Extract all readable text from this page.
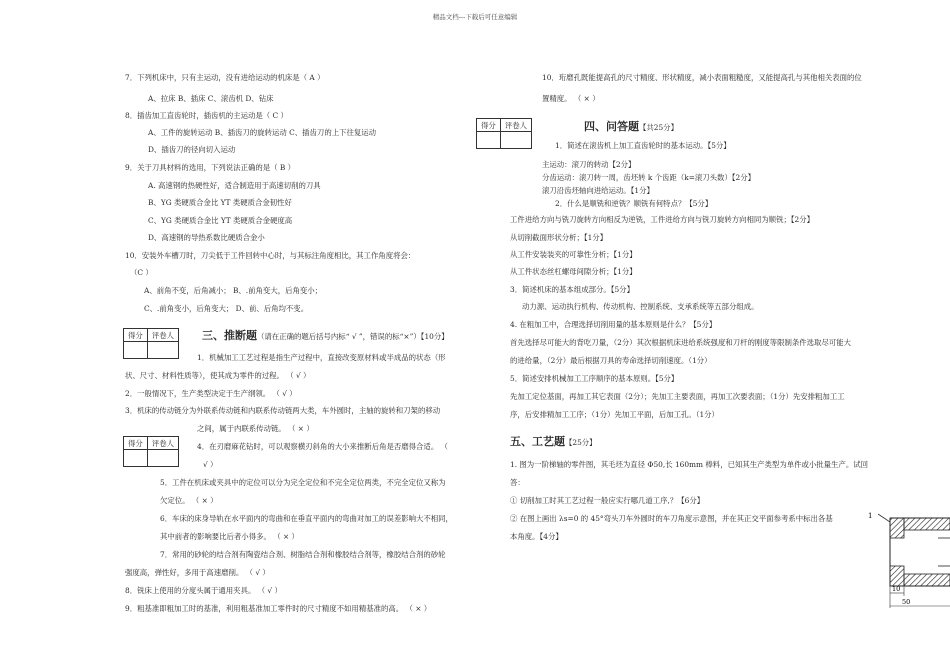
精品文档---下载后可任意编辑
7．下列机床中，只有主运动，没有进给运动的机床是（ A ）
A、拉床 B、插床 C、滚齿机 D、钻床
8．插齿加工直齿轮时，插齿机的主运动是（ C ）
A、工件的旋转运动 B、插齿刀的旋转运动 C、插齿刀的上下往复运动
D、插齿刀的径向切入运动
9．关于刀具材料的选用，下列说法正确的是（ B ）
A. 高速钢的热硬性好，适合制造用于高速切削的刀具
B、YG 类硬质合金比 YT 类硬质合金韧性好
C、YG 类硬质合金比 YT 类硬质合金硬度高
D、高速钢的导热系数比硬质合金小
10．安装外车槽刀时，刀尖低于工件回转中心时，与其标注角度相比，其工作角度将会：
（C ）
A、前角不变，后角减小； B、.前角变大，后角变小；
C、.前角变小，后角变大； D、前、后角均不变。
得分	评卷人
		三、推断题（请在正确的题后括号内标“ √ ”，错误的标“×”）【10分】
1．机械加工工艺过程是指生产过程中，直接改变原材料或半成品的状态（形
状、尺寸、材料性质等），使其成为零件的过程。 （ √ ）
2．一般情况下，生产类型决定于生产纲领。 （ √ ）
3．机床的传动链分为外联系传动链和内联系传动链两大类，车外圆时，主轴的旋转和刀架的移动
之间，属于内联系传动链。 （ × ）
得分	评卷人
		4．在刃磨麻花钻时，可以观察横刃斜角的大小来推断后角是否磨得合适。 （
√ ）
5．工件在机床或夹具中的定位可以分为完全定位和不完全定位两类，不完全定位又称为
欠定位。 （ × ）
6．车床的床身导轨在水平面内的弯曲和在垂直平面内的弯曲对加工的误差影响大不相同，
其中前者的影响要比后者小得多。 （ × ）
7．常用的砂轮的结合剂有陶瓷结合剂、树脂结合剂和橡胶结合剂等，橡胶结合剂的砂轮
强度高，弹性好，多用于高速磨削。 （ √ ）
8．铣床上使用的分度头属于通用夹具。 （ √ ）
9．粗基准即粗加工时的基准，利用粗基准加工零件时的尺寸精度不如用精基准的高。 （ × ）
10．珩磨孔既能提高孔的尺寸精度、形状精度，减小表面粗糙度，又能提高孔与其他相关表面的位
置精度。 （ × ）
得分	评卷人
		四、问答题【共25分】
1．简述在滚齿机上加工直齿轮时的基本运动。【5分】
主运动：滚刀的转动【2分】
分齿运动：滚刀转一周，齿坯转 k 个齿距（k=滚刀头数）【2分】
滚刀沿齿坯轴向进给运动。【1分】
2．什么是顺铣和逆铣？顺铣有何特点？【5分】
工件进给方向与铣刀旋转方向相反为逆铣，工件进给方向与铣刀旋转方向相同为顺铣；【2分】
从切削截面形状分析；【1分】
从工件安装装夹的可靠性分析；【1分】
从工件状态丝杠螺母间隙分析；【1分】
3．简述机床的基本组成部分。【5分】
动力源、运动执行机构、传动机构、控制系统、支承系统等五部分组成。
4. 在粗加工中，合理选择切削用量的基本原则是什么？【5分】
首先选择尽可能大的背吃刀量，（2分）其次根据机床进给系统强度和刀杆的刚度等限制条件选取尽可能大
的进给量，（2分）最后根据刀具的寿命选择切削速度。（1分）
5．简述安排机械加工工序顺序的基本原则。【5分】
先加工定位基面，再加工其它表面（2分）；先加工主要表面，再加工次要表面；（1分）先安排粗加工工
序，后安排精加工工序；（1分）先加工平面，后加工孔。（1分）
五、工艺题【25分】
1. 图为一阶梯轴的零件图，其毛坯为直径 Φ50,长 160mm 棒料，已知其生产类型为单件或小批量生产。试回
答：
① 切削加工时其工艺过程一般应实行哪几道工序,？【6分】
② 在图上画出 λs=0 的 45°弯头刀车外圆时的车刀角度示意图，并在其正交平面参考系中标出各基
本角度。【4分】
1
10
50
